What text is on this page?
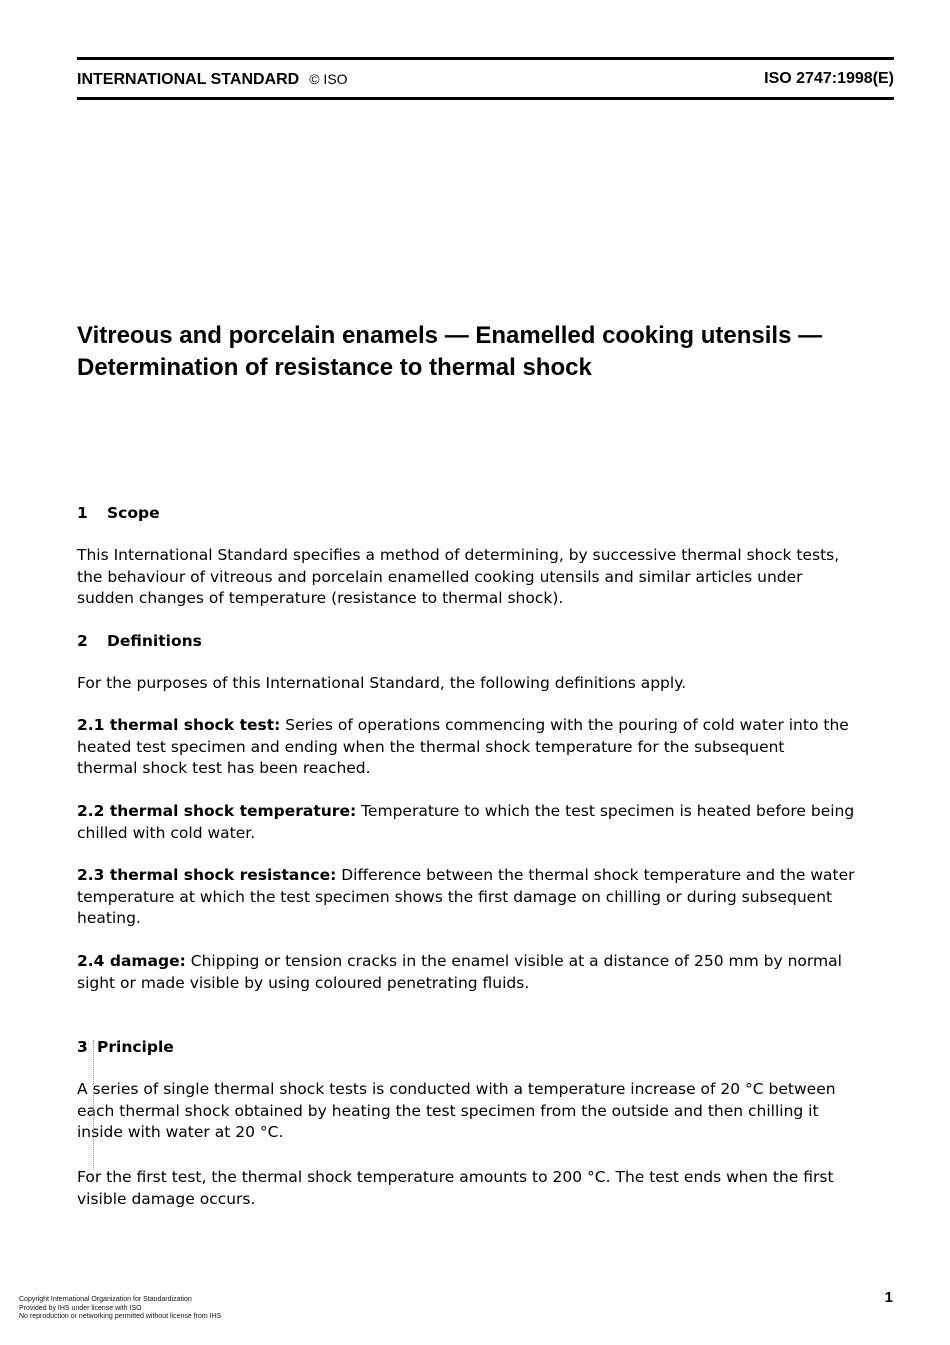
INTERNATIONAL STANDARD © ISO	ISO 2747:1998(E)
Vitreous and porcelain enamels — Enamelled cooking utensils —
Determination of resistance to thermal shock
1 Scope
This International Standard specifies a method of determining, by successive thermal shock tests,
the behaviour of vitreous and porcelain enamelled cooking utensils and similar articles under
sudden changes of temperature (resistance to thermal shock).
2 Definitions
For the purposes of this International Standard, the following definitions apply.
2.1 thermal shock test: Series of operations commencing with the pouring of cold water into the
heated test specimen and ending when the thermal shock temperature for the subsequent
thermal shock test has been reached.
2.2 thermal shock temperature: Temperature to which the test specimen is heated before being
chilled with cold water.
2.3 thermal shock resistance: Difference between the thermal shock temperature and the water
temperature at which the test specimen shows the first damage on chilling or during subsequent
heating.
2.4 damage: Chipping or tension cracks in the enamel visible at a distance of 250 mm by normal
sight or made visible by using coloured penetrating fluids.
3 Principle
A series of single thermal shock tests is conducted with a temperature increase of 20 °C between
each thermal shock obtained by heating the test specimen from the outside and then chilling it
inside with water at 20 °C.
For the first test, the thermal shock temperature amounts to 200 °C. The test ends when the first
visible damage occurs.
Copyright International Organization for Standardization
Provided by IHS under license with ISO
No reproduction or networking permitted without license from IHS
1
